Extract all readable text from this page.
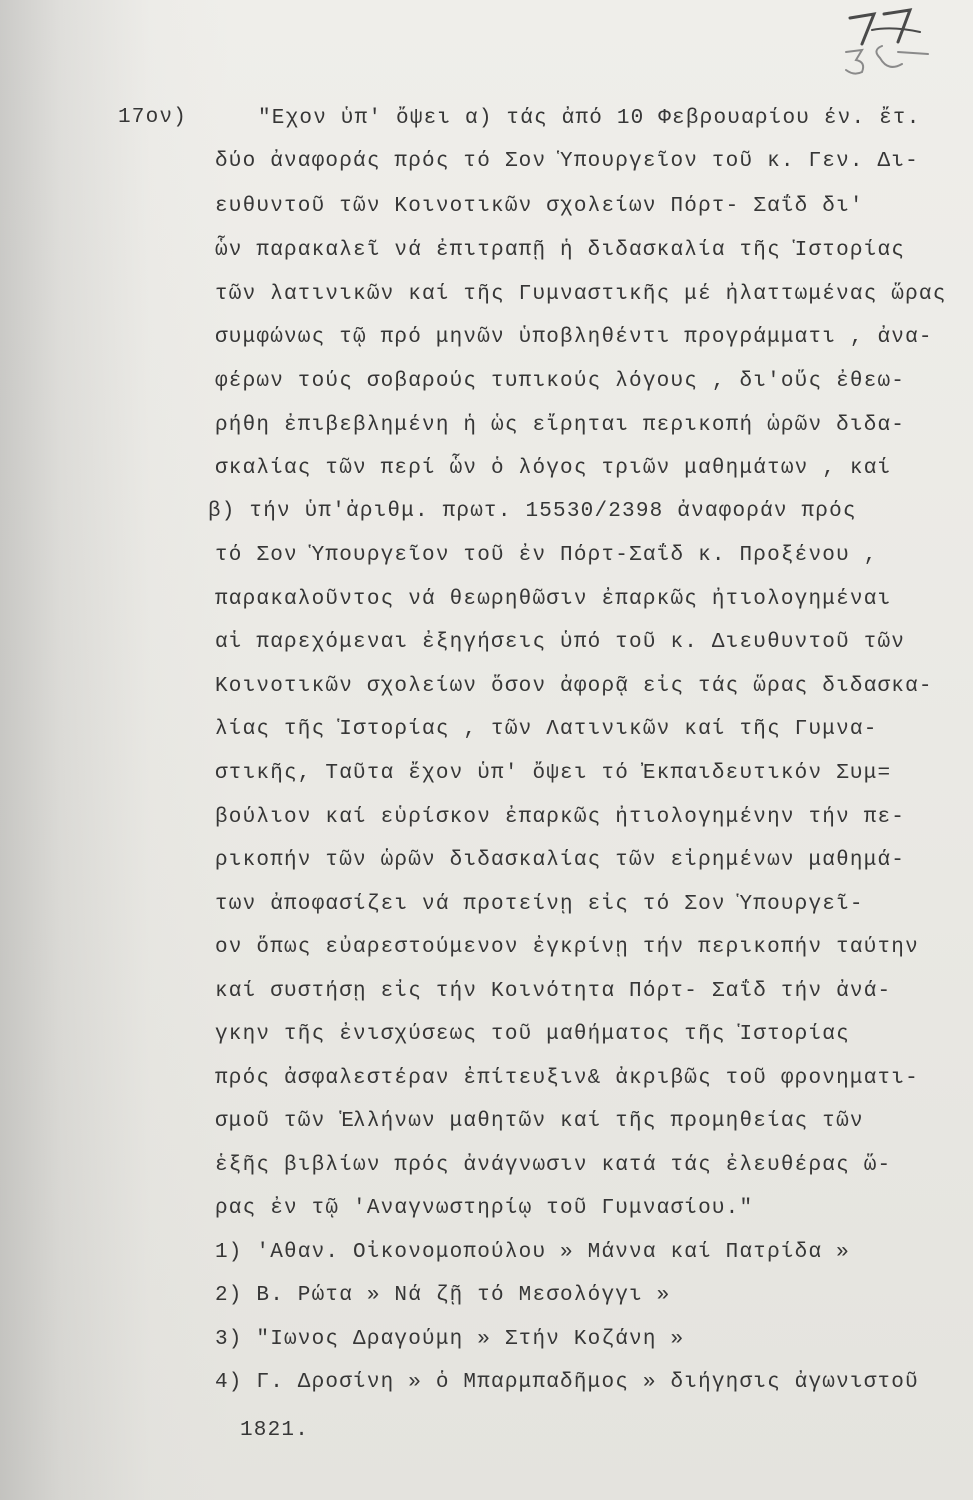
17ον)	"Εχον ὑπ' ὄψει α) τάς ἀπό 10 Φεβρουαρίου έν. ἔτ.
δύο ἀναφοράς πρός τό Σον Ὑπουργεῖον τοῦ κ. Γεν. Δι-
ευθυντοῦ τῶν Κοινοτικῶν σχολείων Πόρτ- Σαΐδ δι'
ὧν παρακαλεῖ νά ἐπιτραπῇ ἡ διδασκαλία τῆς Ἱστορίας
τῶν λατινικῶν καί τῆς Γυμναστικῆς μέ ἠλαττωμένας ὥρας
συμφώνως τῷ πρό μηνῶν ὑποβληθέντι προγράμματι , ἀνα-
φέρων τούς σοβαρούς τυπικούς λόγους , δι'οὕς ἐθεω-
ρήθη ἐπιβεβλημένη ἡ ὡς εἴρηται περικοπή ὡρῶν διδα-
σκαλίας τῶν περί ὧν ὁ λόγος τριῶν μαθημάτων , καί
β) τήν ὑπ'ἀριθμ. πρωτ. 15530/2398 ἀναφοράν πρός
τό Σον Ὑπουργεῖον τοῦ ἐν Πόρτ-Σαΐδ κ. Προξένου ,
παρακαλοῦντος νά θεωρηθῶσιν ἐπαρκῶς ἠτιολογημέναι
αἱ παρεχόμεναι ἐξηγήσεις ὑπό τοῦ κ. Διευθυντοῦ τῶν
Κοινοτικῶν σχολείων ὅσον ἀφορᾷ εἰς τάς ὥρας διδασκα-
λίας τῆς Ἱστορίας , τῶν Λατινικῶν καί τῆς Γυμνα-
στικῆς, Ταῦτα ἔχον ὑπ' ὄψει τό Ἐκπαιδευτικόν Συμ=
βούλιον καί εὑρίσκον ἐπαρκῶς ἠτιολογημένην τήν πε-
ρικοπήν τῶν ὡρῶν διδασκαλίας τῶν εἰρημένων μαθημά-
των ἀποφασίζει νά προτείνῃ εἰς τό Σον Ὑπουργεῖ-
ον ὅπως εὐαρεστούμενον ἐγκρίνῃ τήν περικοπήν ταύτην
καί συστήσῃ εἰς τήν Κοινότητα Πόρτ- Σαΐδ τήν ἀνά-
γκην τῆς ἐνισχύσεως τοῦ μαθήματος τῆς Ἱστορίας
πρός ἀσφαλεστέραν ἐπίτευξιν& ἀκριβῶς τοῦ φρονηματι-
σμοῦ τῶν Ἑλλήνων μαθητῶν καί τῆς προμηθείας τῶν
ἑξῆς βιβλίων πρός ἀνάγνωσιν κατά τάς ἐλευθέρας ὥ-
ρας ἐν τῷ 'Αναγνωστηρίῳ τοῦ Γυμνασίου."
1) 'Αθαν. Οἰκονομοπούλου » Μάννα καί Πατρίδα »
2) Β. Ρώτα » Νά ζῇ τό Μεσολόγγι »
3) "Ιωνος Δραγούμη » Στήν Κοζάνη »
4) Γ. Δροσίνη » ὁ Μπαρμπαδῆμος » διήγησις ἀγωνιστοῦ
1821.
